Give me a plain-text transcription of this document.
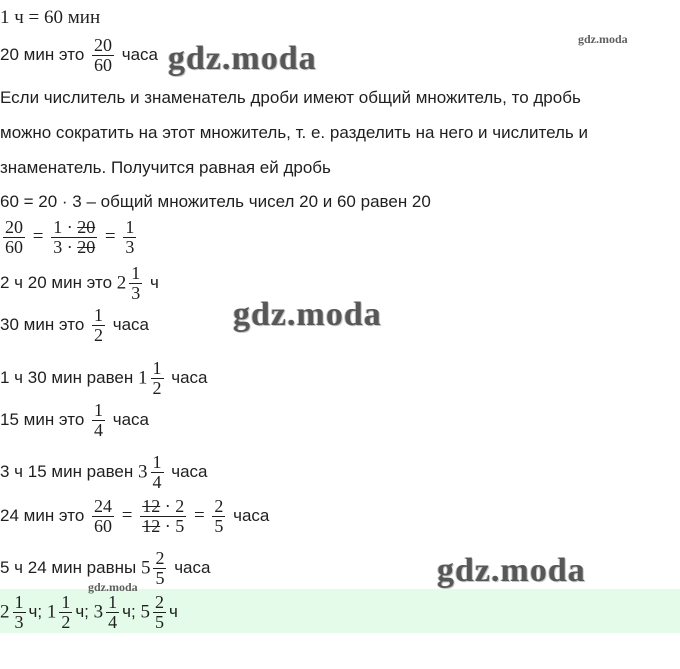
1 ч = 60 мин
20 мин это $\frac{20}{60}$ часа
Если числитель и знаменатель дроби имеют общий множитель, то дробь
можно сократить на этот множитель, т. е. разделить на него и числитель и
знаменатель. Получится равная ей дробь
60 = 20 · 3 – общий множитель чисел 20 и 60 равен 20
$\frac{20}{60} = \frac{1 \cdot 20}{3 \cdot 20} = \frac{1}{3}$
2 ч 20 мин это $2 \frac{1}{3}$ ч
30 мин это $\frac{1}{2}$ часа
1 ч 30 мин равен $1 \frac{1}{2}$ часа
15 мин это $\frac{1}{4}$ часа
3 ч 15 мин равен $3 \frac{1}{4}$ часа
24 мин это $\frac{24}{60} = \frac{12 \cdot 2}{12 \cdot 5} = \frac{2}{5}$ часа
5 ч 24 мин равны $5 \frac{2}{5}$ часа
$2 \frac{1}{3} ч$; $1 \frac{1}{2} ч$; $3 \frac{1}{4} ч$; $5 \frac{2}{5}$ ч
gdz.moda
gdz.moda
gdz.moda
gdz.moda
gdz.moda
